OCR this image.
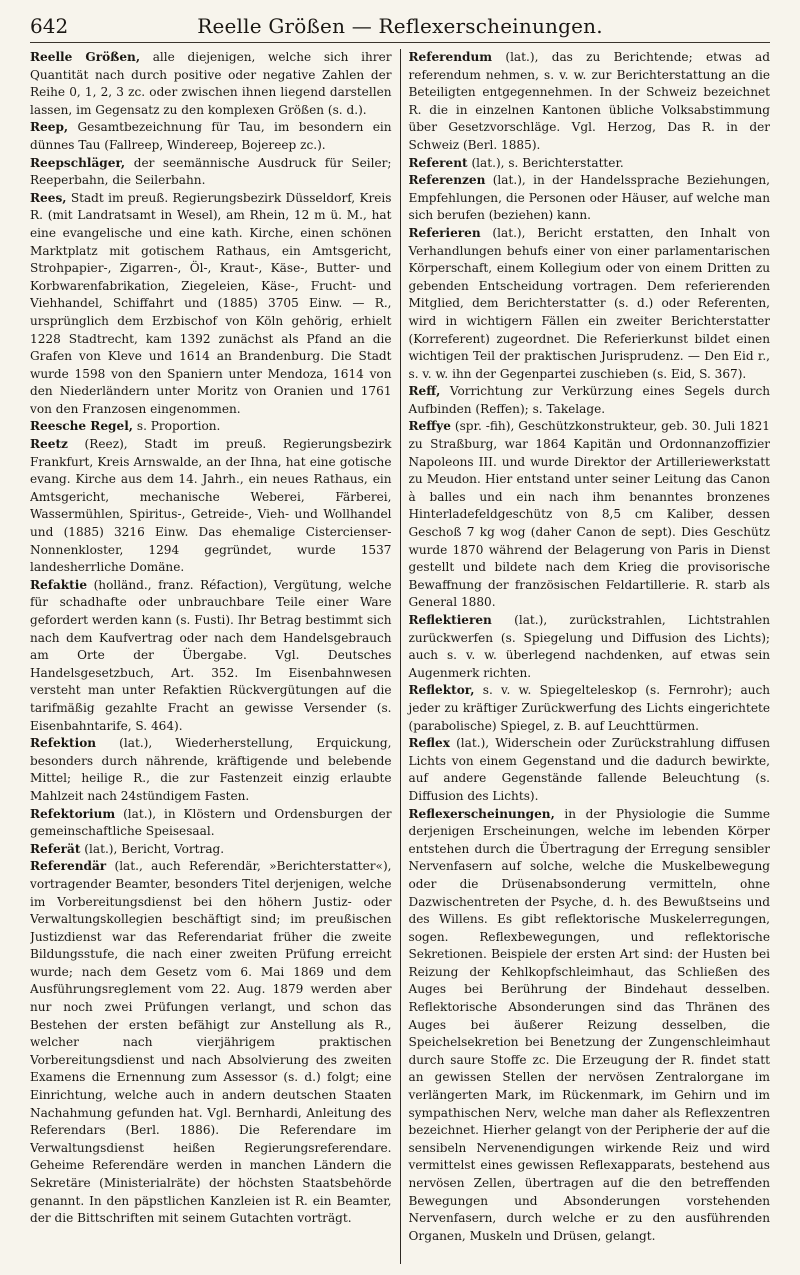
642	Reelle Größen — Reflexerscheinungen.

Reelle Größen, alle diejenigen, welche sich ihrer Quantität nach durch positive oder negative Zahlen der Reihe 0, 1, 2, 3 zc. oder zwischen ihnen liegend darstellen lassen, im Gegensatz zu den komplexen Größen (s. d.).

Reep, Gesamtbezeichnung für Tau, im besondern ein dünnes Tau (Fallreep, Windereep, Bojereep zc.).

Reepschläger, der seemännische Ausdruck für Seiler; Reeperbahn, die Seilerbahn.

Rees, Stadt im preuß. Regierungsbezirk Düsseldorf, Kreis R. (mit Landratsamt in Wesel), am Rhein, 12 m ü. M., hat eine evangelische und eine kath. Kirche, einen schönen Marktplatz mit gotischem Rathaus, ein Amtsgericht, Strohpapier-, Zigarren-, Öl-, Kraut-, Käse-, Butter- und Korbwarenfabrikation, Ziegeleien, Käse-, Frucht- und Viehhandel, Schiffahrt und (1885) 3705 Einw. — R., ursprünglich dem Erzbischof von Köln gehörig, erhielt 1228 Stadtrecht, kam 1392 zunächst als Pfand an die Grafen von Kleve und 1614 an Brandenburg. Die Stadt wurde 1598 von den Spaniern unter Mendoza, 1614 von den Niederländern unter Moritz von Oranien und 1761 von den Franzosen eingenommen.

Reesche Regel, s. Proportion.

Reetz (Reez), Stadt im preuß. Regierungsbezirk Frankfurt, Kreis Arnswalde, an der Ihna, hat eine gotische evang. Kirche aus dem 14. Jahrh., ein neues Rathaus, ein Amtsgericht, mechanische Weberei, Färberei, Wassermühlen, Spiritus-, Getreide-, Vieh- und Wollhandel und (1885) 3216 Einw. Das ehemalige Cistercienser-Nonnenkloster, 1294 gegründet, wurde 1537 landesherrliche Domäne.

Refaktie (holländ., franz. Réfaction), Vergütung, welche für schadhafte oder unbrauchbare Teile einer Ware gefordert werden kann (s. Fusti). Ihr Betrag bestimmt sich nach dem Kaufvertrag oder nach dem Handelsgebrauch am Orte der Übergabe. Vgl. Deutsches Handelsgesetzbuch, Art. 352. Im Eisenbahnwesen versteht man unter Refaktien Rückvergütungen auf die tarifmäßig gezahlte Fracht an gewisse Versender (s. Eisenbahntarife, S. 464).

Refektion (lat.), Wiederherstellung, Erquickung, besonders durch nährende, kräftigende und belebende Mittel; heilige R., die zur Fastenzeit einzig erlaubte Mahlzeit nach 24stündigem Fasten.

Refektorium (lat.), in Klöstern und Ordensburgen der gemeinschaftliche Speisesaal.

Referät (lat.), Bericht, Vortrag.

Referendär (lat., auch Referendär, »Berichterstatter«), vortragender Beamter, besonders Titel derjenigen, welche im Vorbereitungsdienst bei den höhern Justiz- oder Verwaltungskollegien beschäftigt sind; im preußischen Justizdienst war das Referendariat früher die zweite Bildungsstufe, die nach einer zweiten Prüfung erreicht wurde; nach dem Gesetz vom 6. Mai 1869 und dem Ausführungsreglement vom 22. Aug. 1879 werden aber nur noch zwei Prüfungen verlangt, und schon das Bestehen der ersten befähigt zur Anstellung als R., welcher nach vierjährigem praktischen Vorbereitungsdienst und nach Absolvierung des zweiten Examens die Ernennung zum Assessor (s. d.) folgt; eine Einrichtung, welche auch in andern deutschen Staaten Nachahmung gefunden hat. Vgl. Bernhardi, Anleitung des Referendars (Berl. 1886). Die Referendare im Verwaltungsdienst heißen Regierungsreferendare. Geheime Referendäre werden in manchen Ländern die Sekretäre (Ministerialräte) der höchsten Staatsbehörde genannt. In den päpstlichen Kanzleien ist R. ein Beamter, der die Bittschriften mit seinem Gutachten vorträgt.

Referendum (lat.), das zu Berichtende; etwas ad referendum nehmen, s. v. w. zur Berichterstattung an die Beteiligten entgegennehmen. In der Schweiz bezeichnet R. die in einzelnen Kantonen übliche Volksabstimmung über Gesetzvorschläge. Vgl. Herzog, Das R. in der Schweiz (Berl. 1885).

Referent (lat.), s. Berichterstatter.

Referenzen (lat.), in der Handelssprache Beziehungen, Empfehlungen, die Personen oder Häuser, auf welche man sich berufen (beziehen) kann.

Referieren (lat.), Bericht erstatten, den Inhalt von Verhandlungen behufs einer von einer parlamentarischen Körperschaft, einem Kollegium oder von einem Dritten zu gebenden Entscheidung vortragen. Dem referierenden Mitglied, dem Berichterstatter (s. d.) oder Referenten, wird in wichtigern Fällen ein zweiter Berichterstatter (Korreferent) zugeordnet. Die Referierkunst bildet einen wichtigen Teil der praktischen Jurisprudenz. — Den Eid r., s. v. w. ihn der Gegenpartei zuschieben (s. Eid, S. 367).

Reff, Vorrichtung zur Verkürzung eines Segels durch Aufbinden (Reffen); s. Takelage.

Reffye (spr. -fih), Geschützkonstrukteur, geb. 30. Juli 1821 zu Straßburg, war 1864 Kapitän und Ordonnanzoffizier Napoleons III. und wurde Direktor der Artilleriewerkstatt zu Meudon. Hier entstand unter seiner Leitung das Canon à balles und ein nach ihm benanntes bronzenes Hinterladefeldgeschütz von 8,5 cm Kaliber, dessen Geschoß 7 kg wog (daher Canon de sept). Dies Geschütz wurde 1870 während der Belagerung von Paris in Dienst gestellt und bildete nach dem Krieg die provisorische Bewaffnung der französischen Feldartillerie. R. starb als General 1880.

Reflektieren (lat.), zurückstrahlen, Lichtstrahlen zurückwerfen (s. Spiegelung und Diffusion des Lichts); auch s. v. w. überlegend nachdenken, auf etwas sein Augenmerk richten.

Reflektor, s. v. w. Spiegelteleskop (s. Fernrohr); auch jeder zu kräftiger Zurückwerfung des Lichts eingerichtete (parabolische) Spiegel, z. B. auf Leuchttürmen.

Reflex (lat.), Widerschein oder Zurückstrahlung diffusen Lichts von einem Gegenstand und die dadurch bewirkte, auf andere Gegenstände fallende Beleuchtung (s. Diffusion des Lichts).

Reflexerscheinungen, in der Physiologie die Summe derjenigen Erscheinungen, welche im lebenden Körper entstehen durch die Übertragung der Erregung sensibler Nervenfasern auf solche, welche die Muskelbewegung oder die Drüsenabsonderung vermitteln, ohne Dazwischentreten der Psyche, d. h. des Bewußtseins und des Willens. Es gibt reflektorische Muskelerregungen, sogen. Reflexbewegungen, und reflektorische Sekretionen. Beispiele der ersten Art sind: der Husten bei Reizung der Kehlkopfschleimhaut, das Schließen des Auges bei Berührung der Bindehaut desselben. Reflektorische Absonderungen sind das Thränen des Auges bei äußerer Reizung desselben, die Speichelsekretion bei Benetzung der Zungenschleimhaut durch saure Stoffe zc. Die Erzeugung der R. findet statt an gewissen Stellen der nervösen Zentralorgane im verlängerten Mark, im Rückenmark, im Gehirn und im sympathischen Nerv, welche man daher als Reflexzentren bezeichnet. Hierher gelangt von der Peripherie der auf die sensibeln Nervenendigungen wirkende Reiz und wird vermittelst eines gewissen Reflexapparats, bestehend aus nervösen Zellen, übertragen auf die den betreffenden Bewegungen und Absonderungen vorstehenden Nervenfasern, durch welche er zu den ausführenden Organen, Muskeln und Drüsen, gelangt.
